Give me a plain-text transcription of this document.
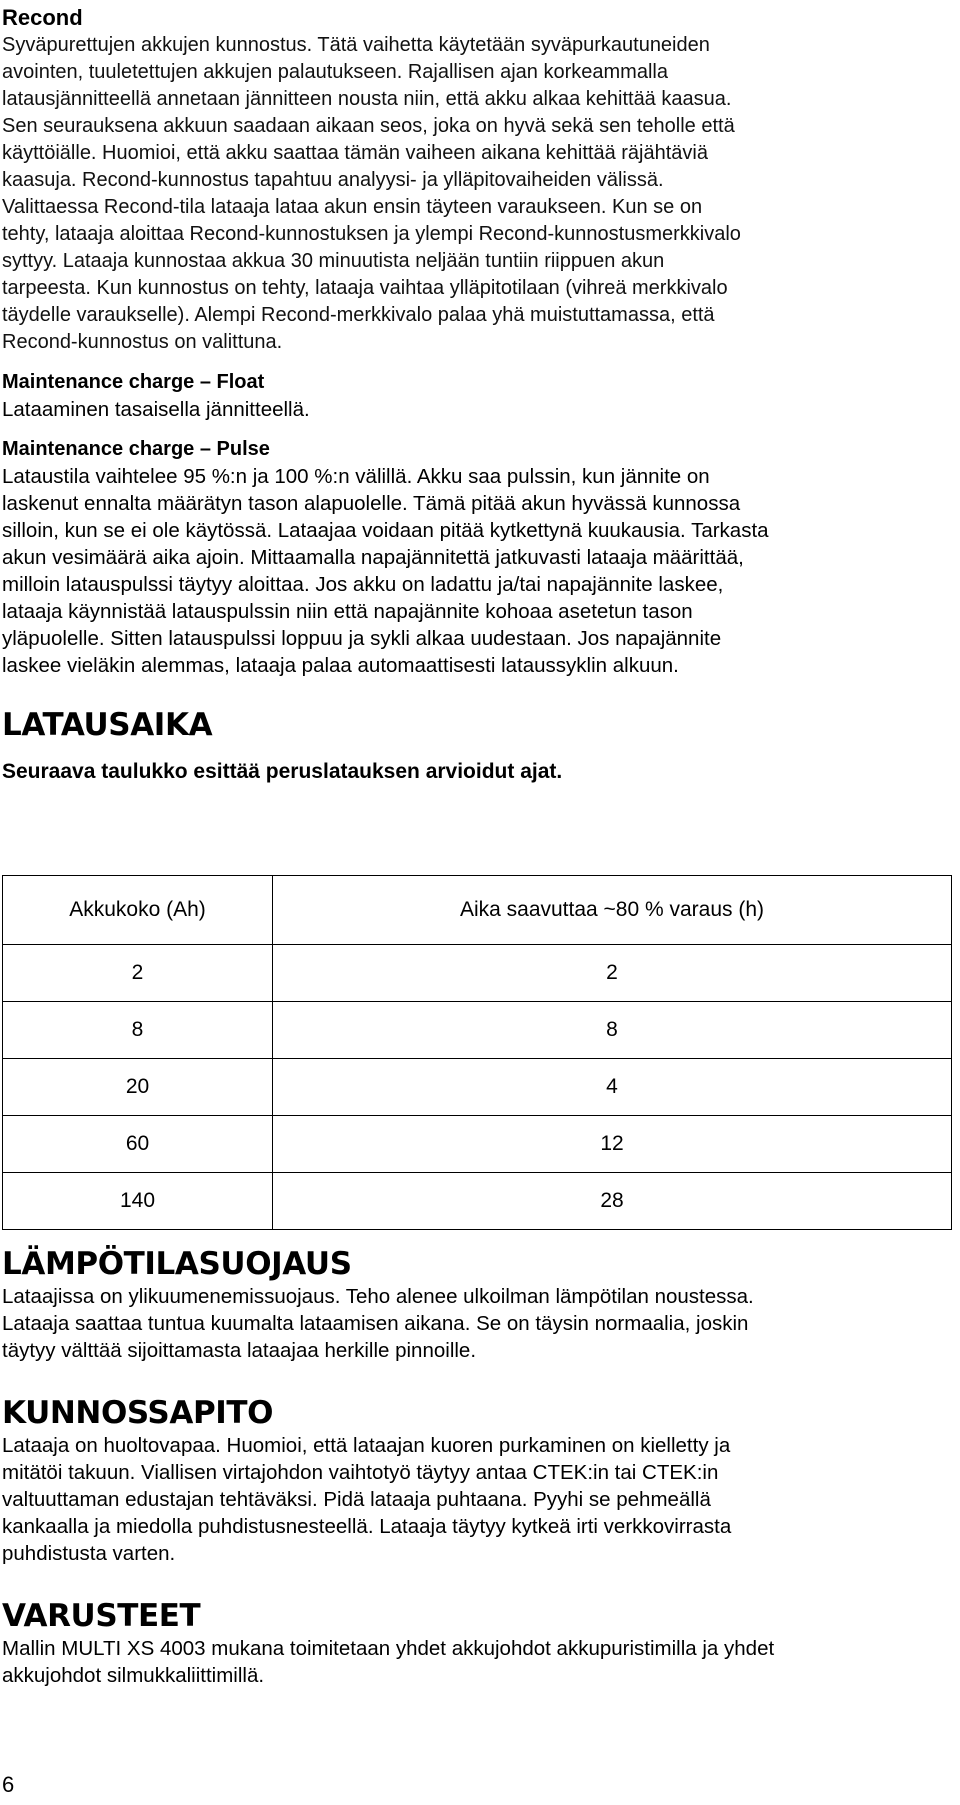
Recond

Syväpurettujen akkujen kunnostus. Tätä vaihetta käytetään syväpurkautuneiden
avointen, tuuletettujen akkujen palautukseen. Rajallisen ajan korkeammalla
latausjännitteellä annetaan jännitteen nousta niin, että akku alkaa kehittää kaasua.
Sen seurauksena akkuun saadaan aikaan seos, joka on hyvä sekä sen teholle että
käyttöiälle. Huomioi, että akku saattaa tämän vaiheen aikana kehittää räjähtäviä
kaasuja. Recond-kunnostus tapahtuu analyysi- ja ylläpitovaiheiden välissä.
Valittaessa Recond-tila lataaja lataa akun ensin täyteen varaukseen. Kun se on
tehty, lataaja aloittaa Recond-kunnostuksen ja ylempi Recond-kunnostusmerkkivalo
syttyy. Lataaja kunnostaa akkua 30 minuutista neljään tuntiin riippuen akun
tarpeesta. Kun kunnostus on tehty, lataaja vaihtaa ylläpitotilaan (vihreä merkkivalo
täydelle varaukselle). Alempi Recond-merkkivalo palaa yhä muistuttamassa, että
Recond-kunnostus on valittuna.

Maintenance charge – Float

Lataaminen tasaisella jännitteellä.

Maintenance charge – Pulse

Lataustila vaihtelee 95 %:n ja 100 %:n välillä. Akku saa pulssin, kun jännite on
laskenut ennalta määrätyn tason alapuolelle. Tämä pitää akun hyvässä kunnossa
silloin, kun se ei ole käytössä. Lataajaa voidaan pitää kytkettynä kuukausia. Tarkasta
akun vesimäärä aika ajoin. Mittaamalla napajännitettä jatkuvasti lataaja määrittää,
milloin latauspulssi täytyy aloittaa. Jos akku on ladattu ja/tai napajännite laskee,
lataaja käynnistää latauspulssin niin että napajännite kohoaa asetetun tason
yläpuolelle. Sitten latauspulssi loppuu ja sykli alkaa uudestaan. Jos napajännite
laskee vieläkin alemmas, lataaja palaa automaattisesti lataussyklin alkuun.

LATAUSAIKA

Seuraava taulukko esittää peruslatauksen arvioidut ajat.

Akkukoko (Ah)	Aika saavuttaa ~80 % varaus (h)
2	2
8	8
20	4
60	12
140	28
LÄMPÖTILASUOJAUS

Lataajissa on ylikuumenemissuojaus. Teho alenee ulkoilman lämpötilan noustessa.
Lataaja saattaa tuntua kuumalta lataamisen aikana. Se on täysin normaalia, joskin
täytyy välttää sijoittamasta lataajaa herkille pinnoille.

KUNNOSSAPITO

Lataaja on huoltovapaa. Huomioi, että lataajan kuoren purkaminen on kielletty ja
mitätöi takuun. Viallisen virtajohdon vaihtotyö täytyy antaa CTEK:in tai CTEK:in
valtuuttaman edustajan tehtäväksi. Pidä lataaja puhtaana. Pyyhi se pehmeällä
kankaalla ja miedolla puhdistusnesteellä. Lataaja täytyy kytkeä irti verkkovirrasta
puhdistusta varten.

VARUSTEET

Mallin MULTI XS 4003 mukana toimitetaan yhdet akkujohdot akkupuristimilla ja yhdet
akkujohdot silmukkaliittimillä.

6
